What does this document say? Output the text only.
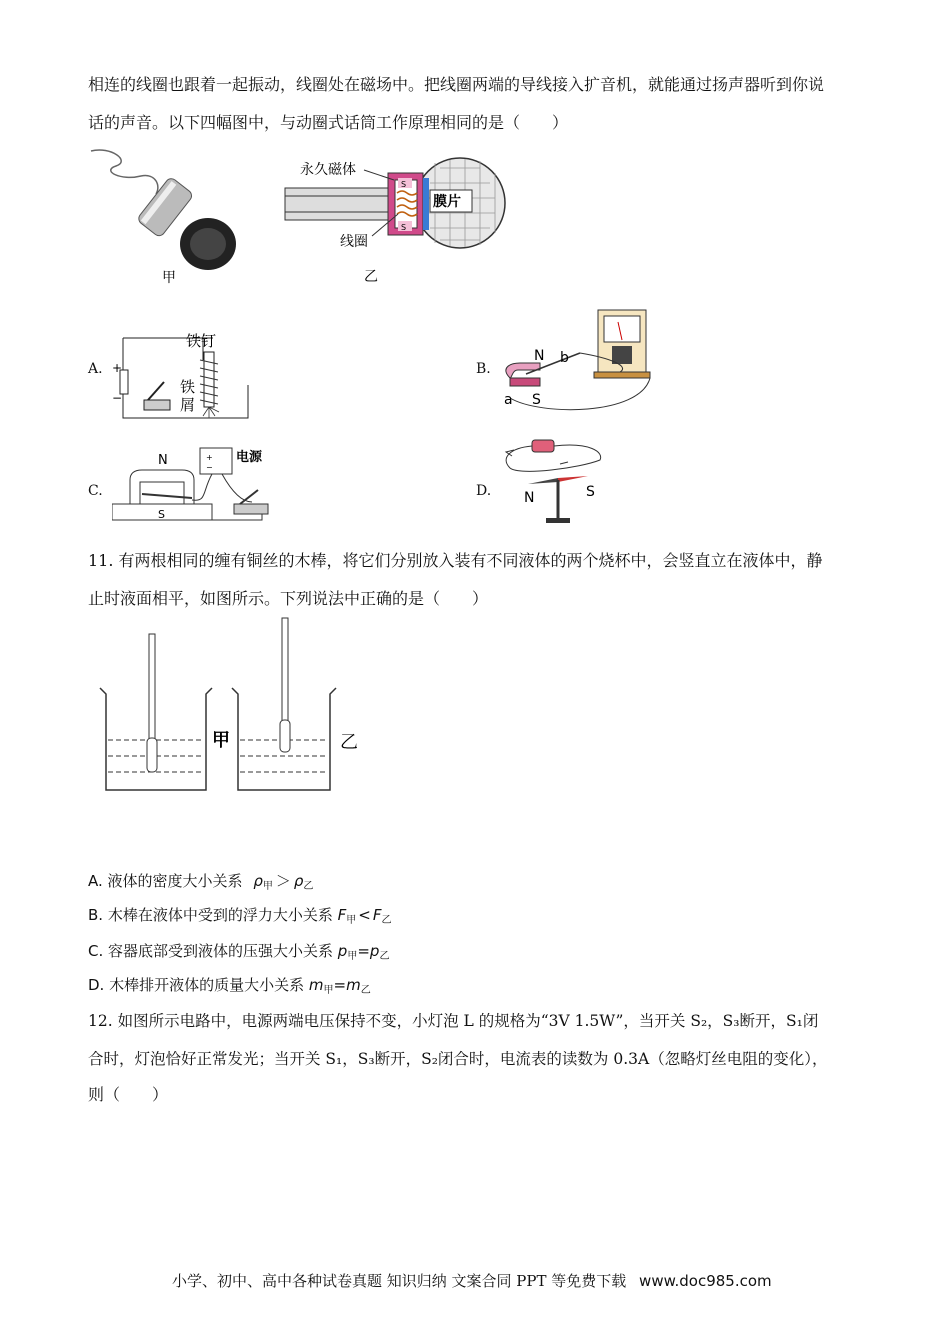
相连的线圈也跟着一起振动，线圈处在磁场中。把线圈两端的导线接入扩音机，就能通过扬声器听到你说
话的声音。以下四幅图中，与动圈式话筒工作原理相同的是（　　）
甲
S
S
膜片
永久磁体
线圈
乙
A. +
−
铁钉
铁
屑
B.
N b
S
a
C.
N
S
+
−
电源
D. N	S
11. 有两根相同的缠有铜丝的木棒，将它们分别放入装有不同液体的两个烧杯中，会竖直立在液体中，静
止时液面相平，如图所示。下列说法中正确的是（　　）
甲	乙
A. 液体的密度大小关系 $\rho_甲 > \rho_乙$
B. 木棒在液体中受到的浮力大小关系 $F_甲 < F_乙$
C. 容器底部受到液体的压强大小关系 $p_甲=p_乙$
D. 木棒排开液体的质量大小关系 $m_甲=m_乙$
12. 如图所示电路中，电源两端电压保持不变，小灯泡 L 的规格为“3V 1.5W”，当开关 S₂，S₃断开，S₁闭
合时，灯泡恰好正常发光；当开关 S₁，S₃断开，S₂闭合时，电流表的读数为 0.3A（忽略灯丝电阻的变化），
则（　　）
小学、初中、高中各种试卷真题 知识归纳 文案合同 PPT 等免费下载 www.doc985.com
